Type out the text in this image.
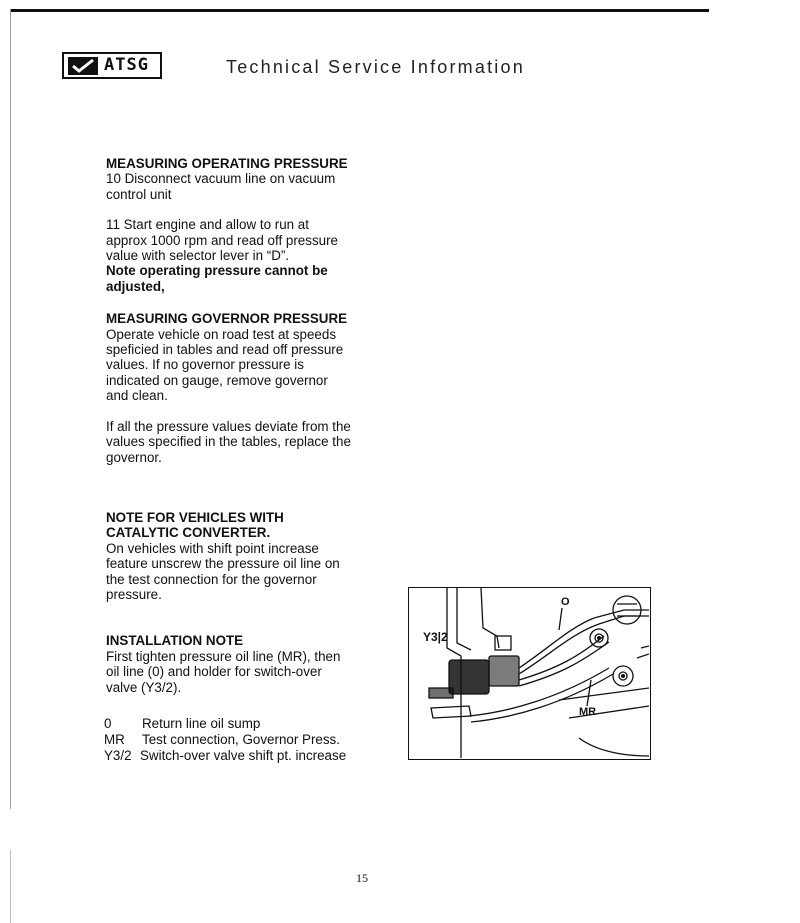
ATSG	Technical Service Information

MEASURING OPERATING PRESSURE

10 Disconnect vacuum line on vacuum

control unit

11 Start engine and allow to run at

approx 1000 rpm and read off pressure

value with selector lever in “D”.

Note operating pressure cannot be

adjusted,

MEASURING GOVERNOR PRESSURE

Operate vehicle on road test at speeds

speficied in tables and read off pressure

values. If no governor pressure is

indicated on gauge, remove governor

and clean.

If all the pressure values deviate from the

values specified in the tables, replace the

governor.

NOTE FOR VEHICLES WITH

CATALYTIC CONVERTER.

On vehicles with shift point increase

feature unscrew the pressure oil line on

the test connection for the governor

pressure.

INSTALLATION NOTE

First tighten pressure oil line (MR), then

oil line (0) and holder for switch-over

valve (Y3/2).

0	Return line oil sump
MR	Test connection, Governor Press.
Y3/2 Switch-over valve shift pt. increase
O
Y3|2
MR
15
